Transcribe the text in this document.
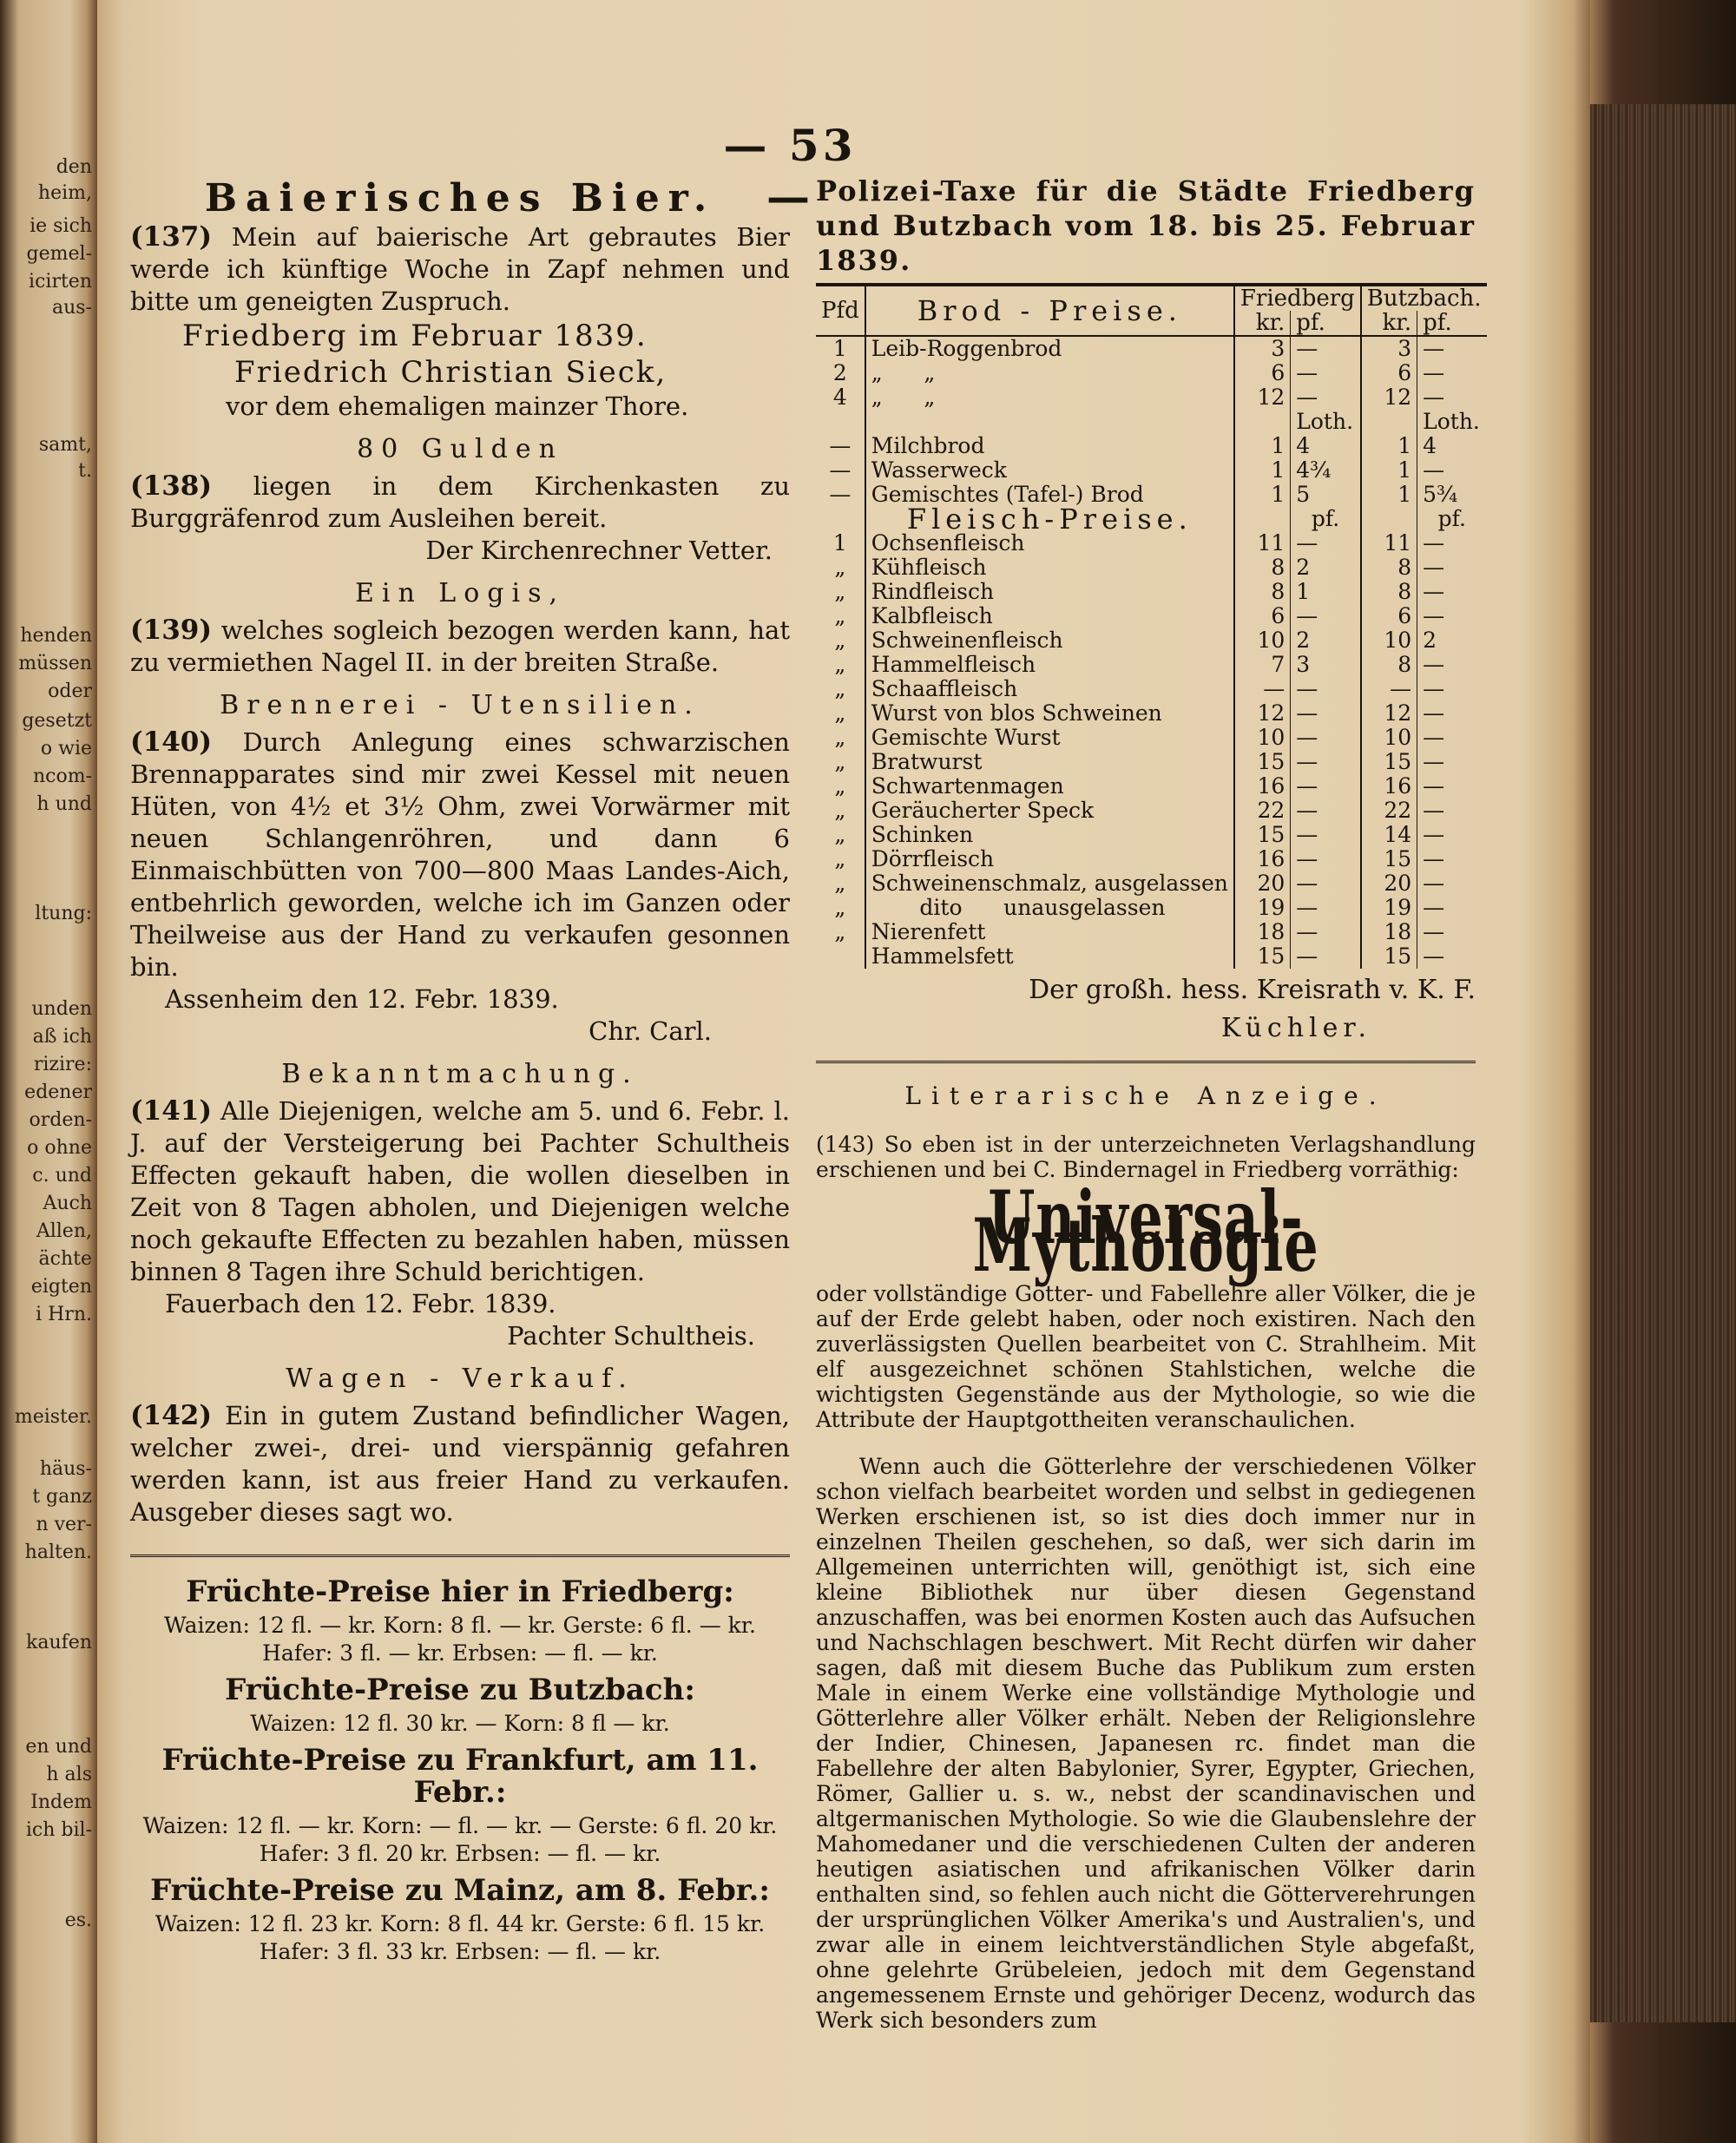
den
heim,
ie sich
gemel-
icirten
aus-
samt,
t.
henden
müssen
oder
gesetzt
o wie
ncom-
h und
ltung:
unden
aß ich
rizire:
edener
orden-
o ohne
c. und
Auch
Allen,
ächte
eigten
i Hrn.
meister.
häus-
t ganz
n ver-
halten.
kaufen
en und
h als
Indem
ich bil-
es.
— 53 —
Baierisches Bier.

(137) Mein auf baierische Art gebrautes Bier werde ich künftige Woche in Zapf nehmen und bitte um geneigten Zuspruch.

Friedberg im Februar 1839.
Friedrich Christian Sieck,
vor dem ehemaligen mainzer Thore.
80 Gulden

(138) liegen in dem Kirchenkasten zu Burggräfenrod zum Ausleihen bereit.

Der Kirchenrechner Vetter.
Ein Logis,

(139) welches sogleich bezogen werden kann, hat zu vermiethen Nagel II. in der breiten Straße.

Brennerei - Utensilien.

(140) Durch Anlegung eines schwarzischen Brennapparates sind mir zwei Kessel mit neuen Hüten, von 4½ et 3½ Ohm, zwei Vorwärmer mit neuen Schlangenröhren, und dann 6 Einmaischbütten von 700—800 Maas Landes-Aich, entbehrlich geworden, welche ich im Ganzen oder Theilweise aus der Hand zu verkaufen gesonnen bin.

Assenheim den 12. Febr. 1839.
Chr. Carl.
Bekanntmachung.

(141) Alle Diejenigen, welche am 5. und 6. Febr. l. J. auf der Versteigerung bei Pachter Schultheis Effecten gekauft haben, die wollen dieselben in Zeit von 8 Tagen abholen, und Diejenigen welche noch gekaufte Effecten zu bezahlen haben, müssen binnen 8 Tagen ihre Schuld berichtigen.

Fauerbach den 12. Febr. 1839.
Pachter Schultheis.
Wagen - Verkauf.

(142) Ein in gutem Zustand befindlicher Wagen, welcher zwei-, drei- und vierspännig gefahren werden kann, ist aus freier Hand zu verkaufen. Ausgeber dieses sagt wo.

Früchte-Preise hier in Friedberg:
Waizen: 12 fl. — kr. Korn: 8 fl. — kr. Gerste: 6 fl. — kr.
Hafer: 3 fl. — kr. Erbsen: — fl. — kr.
Früchte-Preise zu Butzbach:
Waizen: 12 fl. 30 kr. — Korn: 8 fl — kr.
Früchte-Preise zu Frankfurt, am 11. Febr.:
Waizen: 12 fl. — kr. Korn: — fl. — kr. — Gerste: 6 fl. 20 kr.
Hafer: 3 fl. 20 kr. Erbsen: — fl. — kr.
Früchte-Preise zu Mainz, am 8. Febr.:
Waizen: 12 fl. 23 kr. Korn: 8 fl. 44 kr. Gerste: 6 fl. 15 kr.
Hafer: 3 fl. 33 kr. Erbsen: — fl. — kr.
Polizei-Taxe für die Städte Friedberg und Butzbach vom 18. bis 25. Februar 1839.
Pfd	Brod - Preise.	Friedberg		Butzbach.	
		kr.	pf.	kr.	pf.
1	Leib-Roggenbrod	3	—	3	—
2	„      „	6	—	6	—
4	„      „	12	—	12	—
			Loth.		Loth.
—	Milchbrod	1	4	1	4
—	Wasserweck	1	4¾	1	—
—	Gemischtes (Tafel-) Brod	1	5	1	5¾
	Fleisch-Preise.		pf.		pf.
1	Ochsenfleisch	11	—	11	—
„	Kühfleisch	8	2	8	—
„	Rindfleisch	8	1	8	—
„	Kalbfleisch	6	—	6	—
„	Schweinenfleisch	10	2	10	2
„	Hammelfleisch	7	3	8	—
„	Schaaffleisch	—	—	—	—
„	Wurst von blos Schweinen	12	—	12	—
„	Gemischte Wurst	10	—	10	—
„	Bratwurst	15	—	15	—
„	Schwartenmagen	16	—	16	—
„	Geräucherter Speck	22	—	22	—
„	Schinken	15	—	14	—
„	Dörrfleisch	16	—	15	—
„	Schweinenschmalz, ausgelassen	20	—	20	—
„	dito      unausgelassen	19	—	19	—
„	Nierenfett	18	—	18	—
	Hammelsfett	15	—	15	—
Der großh. hess. Kreisrath v. K. F.
Küchler.
Literarische Anzeige.

(143) So eben ist in der unterzeichneten Verlagshandlung erschienen und bei C. Bindernagel in Friedberg vorräthig:

Universal-Mythologie

oder vollständige Götter- und Fabellehre aller Völker, die je auf der Erde gelebt haben, oder noch existiren. Nach den zuverlässigsten Quellen bearbeitet von C. Strahlheim. Mit elf ausgezeichnet schönen Stahlstichen, welche die wichtigsten Gegenstände aus der Mythologie, so wie die Attribute der Hauptgottheiten veranschaulichen.

Wenn auch die Götterlehre der verschiedenen Völker schon vielfach bearbeitet worden und selbst in gediegenen Werken erschienen ist, so ist dies doch immer nur in einzelnen Theilen geschehen, so daß, wer sich darin im Allgemeinen unterrichten will, genöthigt ist, sich eine kleine Bibliothek nur über diesen Gegenstand anzuschaffen, was bei enormen Kosten auch das Aufsuchen und Nachschlagen beschwert. Mit Recht dürfen wir daher sagen, daß mit diesem Buche das Publikum zum ersten Male in einem Werke eine vollständige Mythologie und Götterlehre aller Völker erhält. Neben der Religionslehre der Indier, Chinesen, Japanesen rc. findet man die Fabellehre der alten Babylonier, Syrer, Egypter, Griechen, Römer, Gallier u. s. w., nebst der scandinavischen und altgermanischen Mythologie. So wie die Glaubenslehre der Mahomedaner und die verschiedenen Culten der anderen heutigen asiatischen und afrikanischen Völker darin enthalten sind, so fehlen auch nicht die Götterverehrungen der ursprünglichen Völker Amerika's und Australien's, und zwar alle in einem leichtverständlichen Style abgefaßt, ohne gelehrte Grübeleien, jedoch mit dem Gegenstand angemessenem Ernste und gehöriger Decenz, wodurch das Werk sich besonders zum
